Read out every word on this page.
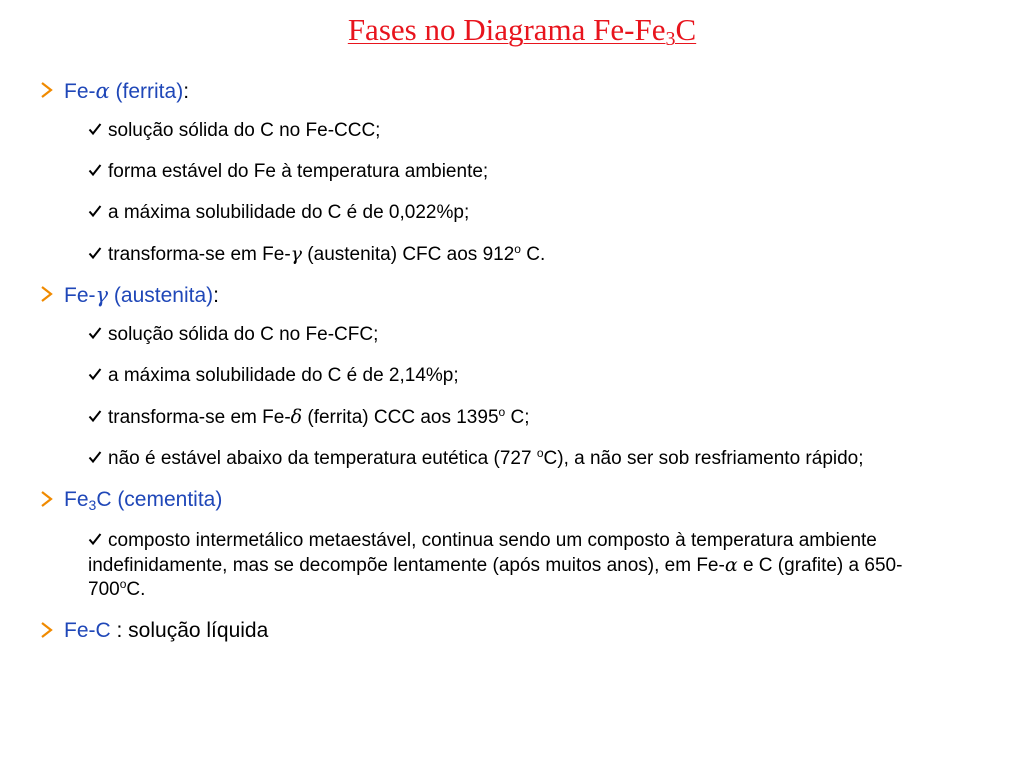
Fases no Diagrama $Fe-Fe_3C$

Fe-α (ferrita):

solução sólida do C no Fe-CCC;

forma estável do Fe à temperatura ambiente;

a máxima solubilidade do C é de 0,022%p;

transforma-se em Fe-γ (austenita) CFC aos 912$^o$ C.

Fe-γ (austenita):

solução sólida do C no Fe-CFC;

a máxima solubilidade do C é de 2,14%p;

transforma-se em Fe-δ (ferrita) CCC aos 1395$^o$ C;

não é estável abaixo da temperatura eutética (727 $^o$C), a não ser sob resfriamento rápido;

$Fe_3C$ (cementita)

composto intermetálico metaestável, continua sendo um composto à temperatura ambiente indefinidamente, mas se decompõe lentamente (após muitos anos), em Fe-α e C (grafite) a 650-700$^o$C.

Fe-C : solução líquida
